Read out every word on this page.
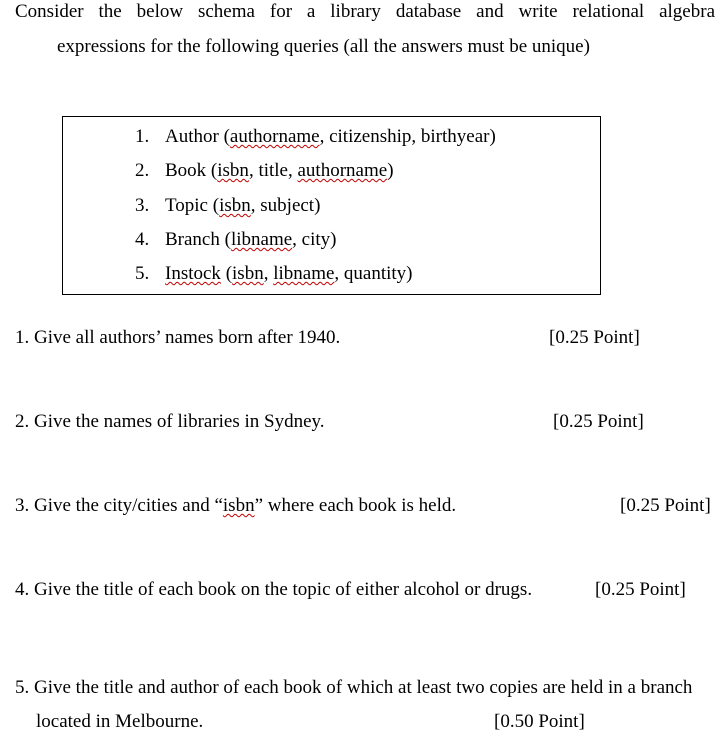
Consider the below schema for a library database and write relational algebra
expressions for the following queries (all the answers must be unique)
1. Author (authorname, citizenship, birthyear)
2. Book (isbn, title, authorname)
3. Topic (isbn, subject)
4. Branch (libname, city)
5. Instock (isbn, libname, quantity)
1. Give all authors’ names born after 1940.	[0.25 Point]
2. Give the names of libraries in Sydney.	[0.25 Point]
3. Give the city/cities and “isbn” where each book is held.	[0.25 Point]
4. Give the title of each book on the topic of either alcohol or drugs.	[0.25 Point]
5. Give the title and author of each book of which at least two copies are held in a branch
located in Melbourne.	[0.50 Point]
